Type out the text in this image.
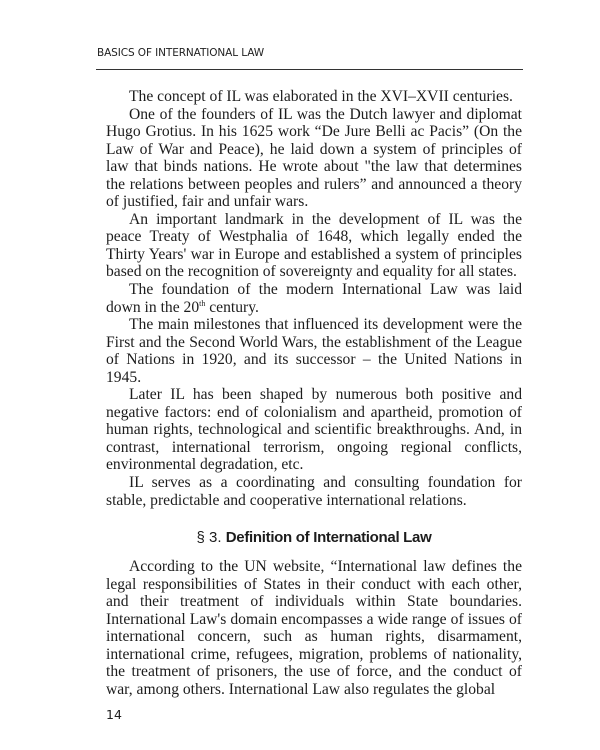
BASICS OF INTERNATIONAL LAW

The concept of IL was elaborated in the XVI–XVII centuries.

One of the founders of IL was the Dutch lawyer and diplomat Hugo Grotius. In his 1625 work “De Jure Belli ac Pacis” (On the Law of War and Peace), he laid down a system of principles of law that binds nations. He wrote about "the law that determines the relations between peoples and rulers” and announced a theory of justified, fair and unfair wars.

An important landmark in the development of IL was the peace Treaty of Westphalia of 1648, which legally ended the Thirty Years' war in Europe and established a system of principles based on the recognition of sovereignty and equality for all states.

The foundation of the modern International Law was laid down in the 20th century.

The main milestones that influenced its development were the First and the Second World Wars, the establishment of the League of Nations in 1920, and its successor – the United Nations in 1945.

Later IL has been shaped by numerous both positive and negative factors: end of colonialism and apartheid, promotion of human rights, technological and scientific breakthroughs. And, in contrast, international terrorism, ongoing regional conflicts, environmental degradation, etc.

IL serves as a coordinating and consulting foundation for stable, predictable and cooperative international relations.

§ 3. Definition of International Law

According to the UN website, “International law defines the legal responsibilities of States in their conduct with each other, and their treatment of individuals within State boundaries. International Law's domain encompasses a wide range of issues of international concern, such as human rights, disarmament, international crime, refugees, migration, problems of nationality, the treatment of prisoners, the use of force, and the conduct of war, among others. International Law also regulates the global

14
